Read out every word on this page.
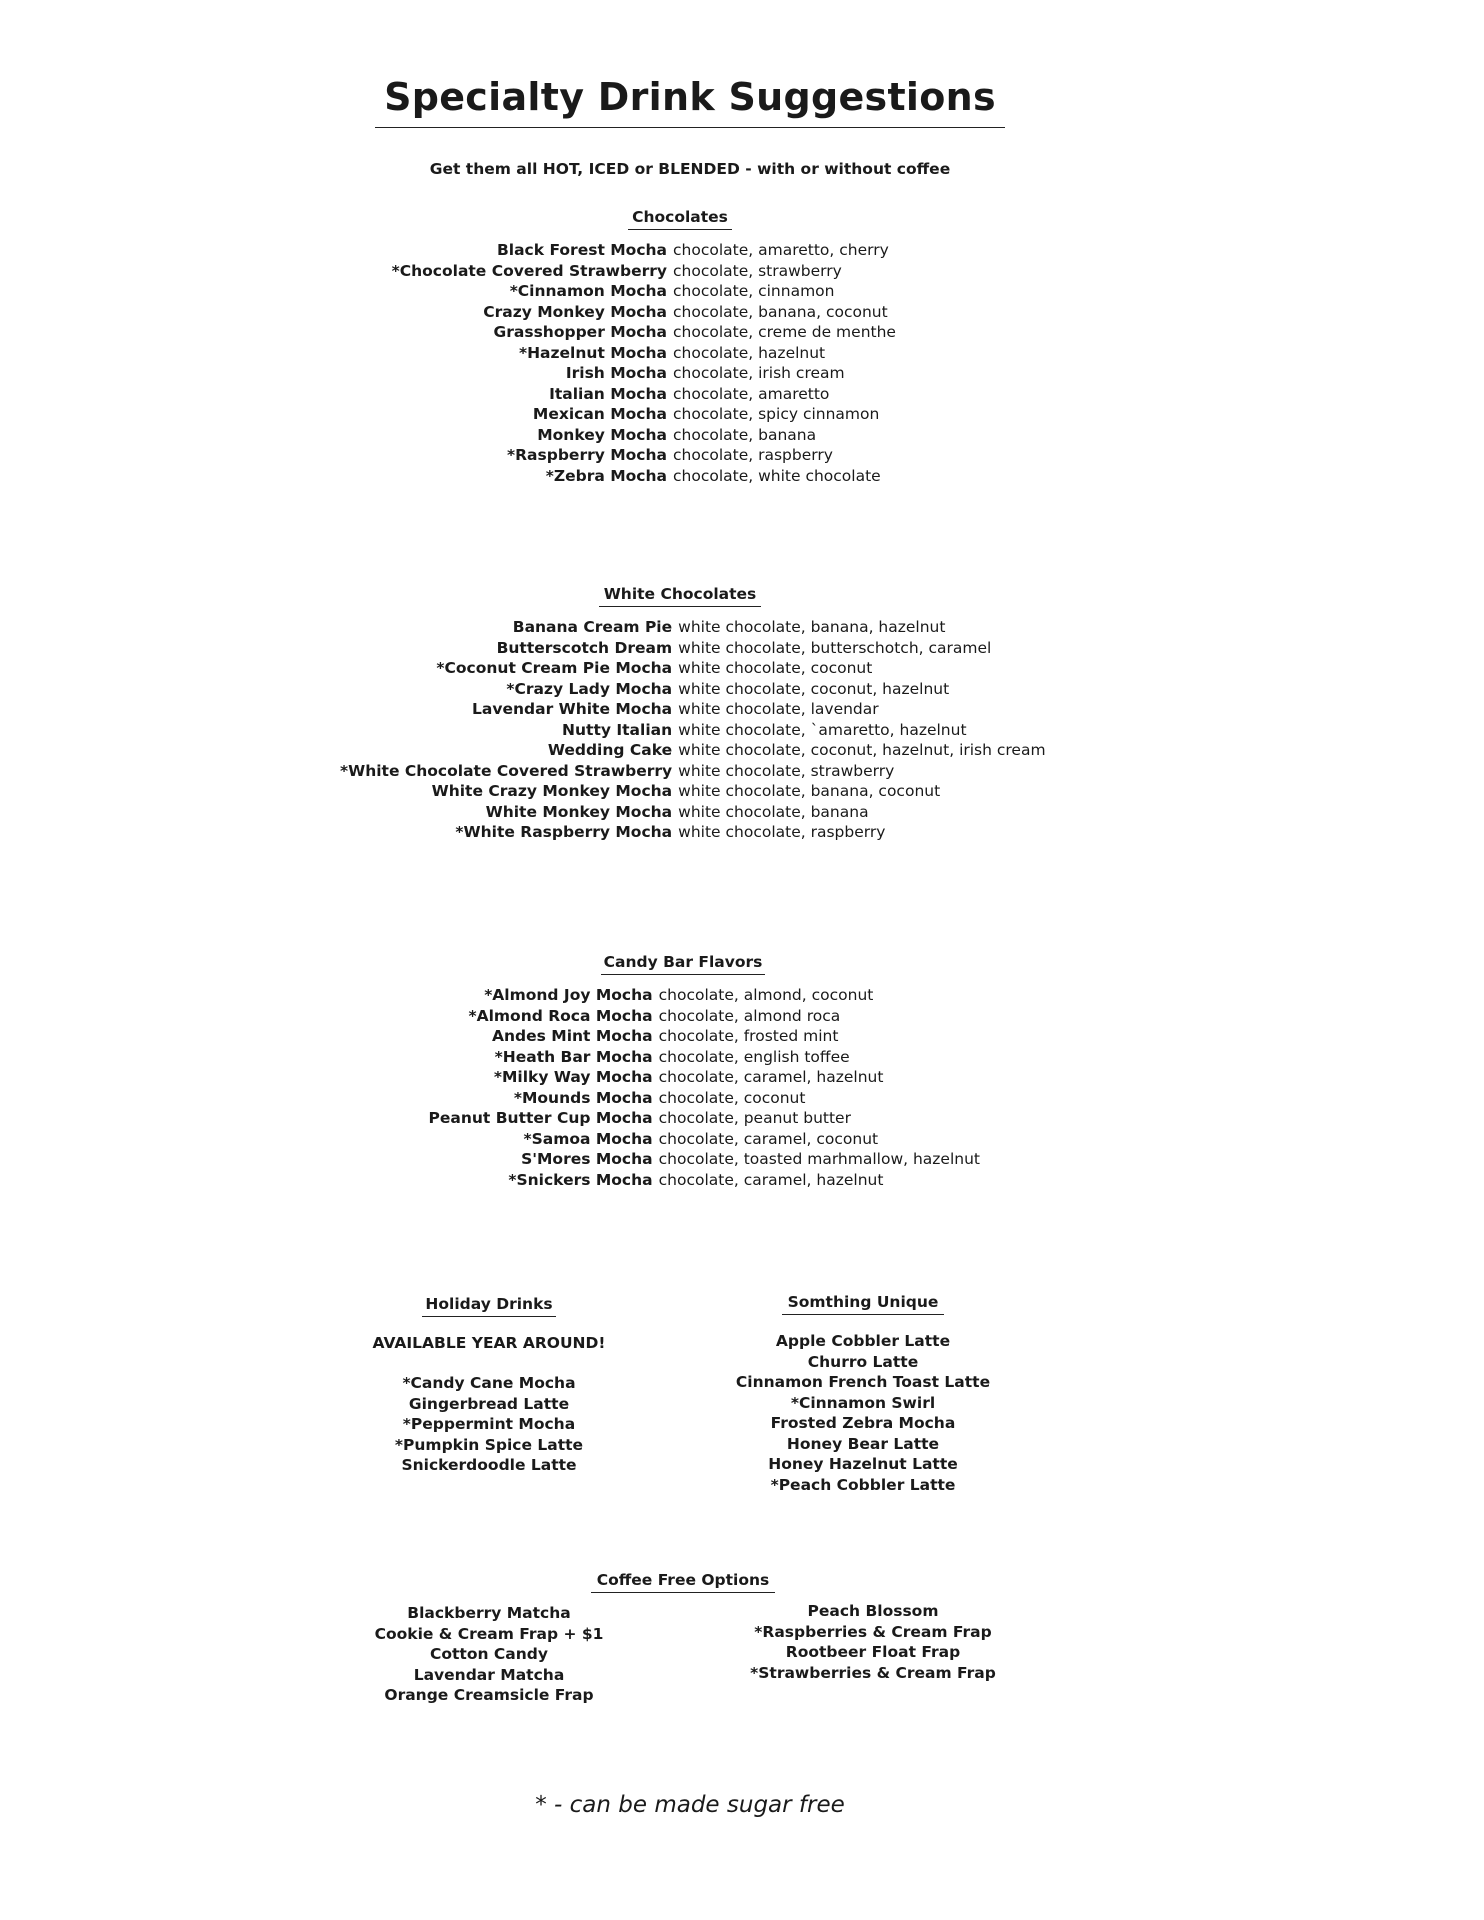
Specialty Drink Suggestions
Get them all HOT, ICED or BLENDED - with or without coffee
Chocolates
Black Forest Mocha	chocolate, amaretto, cherry
*Chocolate Covered Strawberry	chocolate, strawberry
*Cinnamon Mocha	chocolate, cinnamon
Crazy Monkey Mocha	chocolate, banana, coconut
Grasshopper Mocha	chocolate, creme de menthe
*Hazelnut Mocha	chocolate, hazelnut
Irish Mocha	chocolate, irish cream
Italian Mocha	chocolate, amaretto
Mexican Mocha	chocolate, spicy cinnamon
Monkey Mocha	chocolate, banana
*Raspberry Mocha	chocolate, raspberry
*Zebra Mocha	chocolate, white chocolate
White Chocolates
Banana Cream Pie	white chocolate, banana, hazelnut
Butterscotch Dream	white chocolate, butterschotch, caramel
*Coconut Cream Pie Mocha	white chocolate, coconut
*Crazy Lady Mocha	white chocolate, coconut, hazelnut
Lavendar White Mocha	white chocolate, lavendar
Nutty Italian	white chocolate, `amaretto, hazelnut
Wedding Cake	white chocolate, coconut, hazelnut, irish cream
*White Chocolate Covered Strawberry	white chocolate, strawberry
White Crazy Monkey Mocha	white chocolate, banana, coconut
White Monkey Mocha	white chocolate, banana
*White Raspberry Mocha	white chocolate, raspberry
Candy Bar Flavors
*Almond Joy Mocha	chocolate, almond, coconut
*Almond Roca Mocha	chocolate, almond roca
Andes Mint Mocha	chocolate, frosted mint
*Heath Bar Mocha	chocolate, english toffee
*Milky Way Mocha	chocolate, caramel, hazelnut
*Mounds Mocha	chocolate, coconut
Peanut Butter Cup Mocha	chocolate, peanut butter
*Samoa Mocha	chocolate, caramel, coconut
S'Mores Mocha	chocolate, toasted marhmallow, hazelnut
*Snickers Mocha	chocolate, caramel, hazelnut
Holiday Drinks
AVAILABLE YEAR AROUND!
*Candy Cane Mocha
Gingerbread Latte
*Peppermint Mocha
*Pumpkin Spice Latte
Snickerdoodle Latte
Somthing Unique
Apple Cobbler Latte
Churro Latte
Cinnamon French Toast Latte
*Cinnamon Swirl
Frosted Zebra Mocha
Honey Bear Latte
Honey Hazelnut Latte
*Peach Cobbler Latte
Coffee Free Options
Blackberry Matcha
Cookie & Cream Frap + $1
Cotton Candy
Lavendar Matcha
Orange Creamsicle Frap
Peach Blossom
*Raspberries & Cream Frap
Rootbeer Float Frap
*Strawberries & Cream Frap
* - can be made sugar free
